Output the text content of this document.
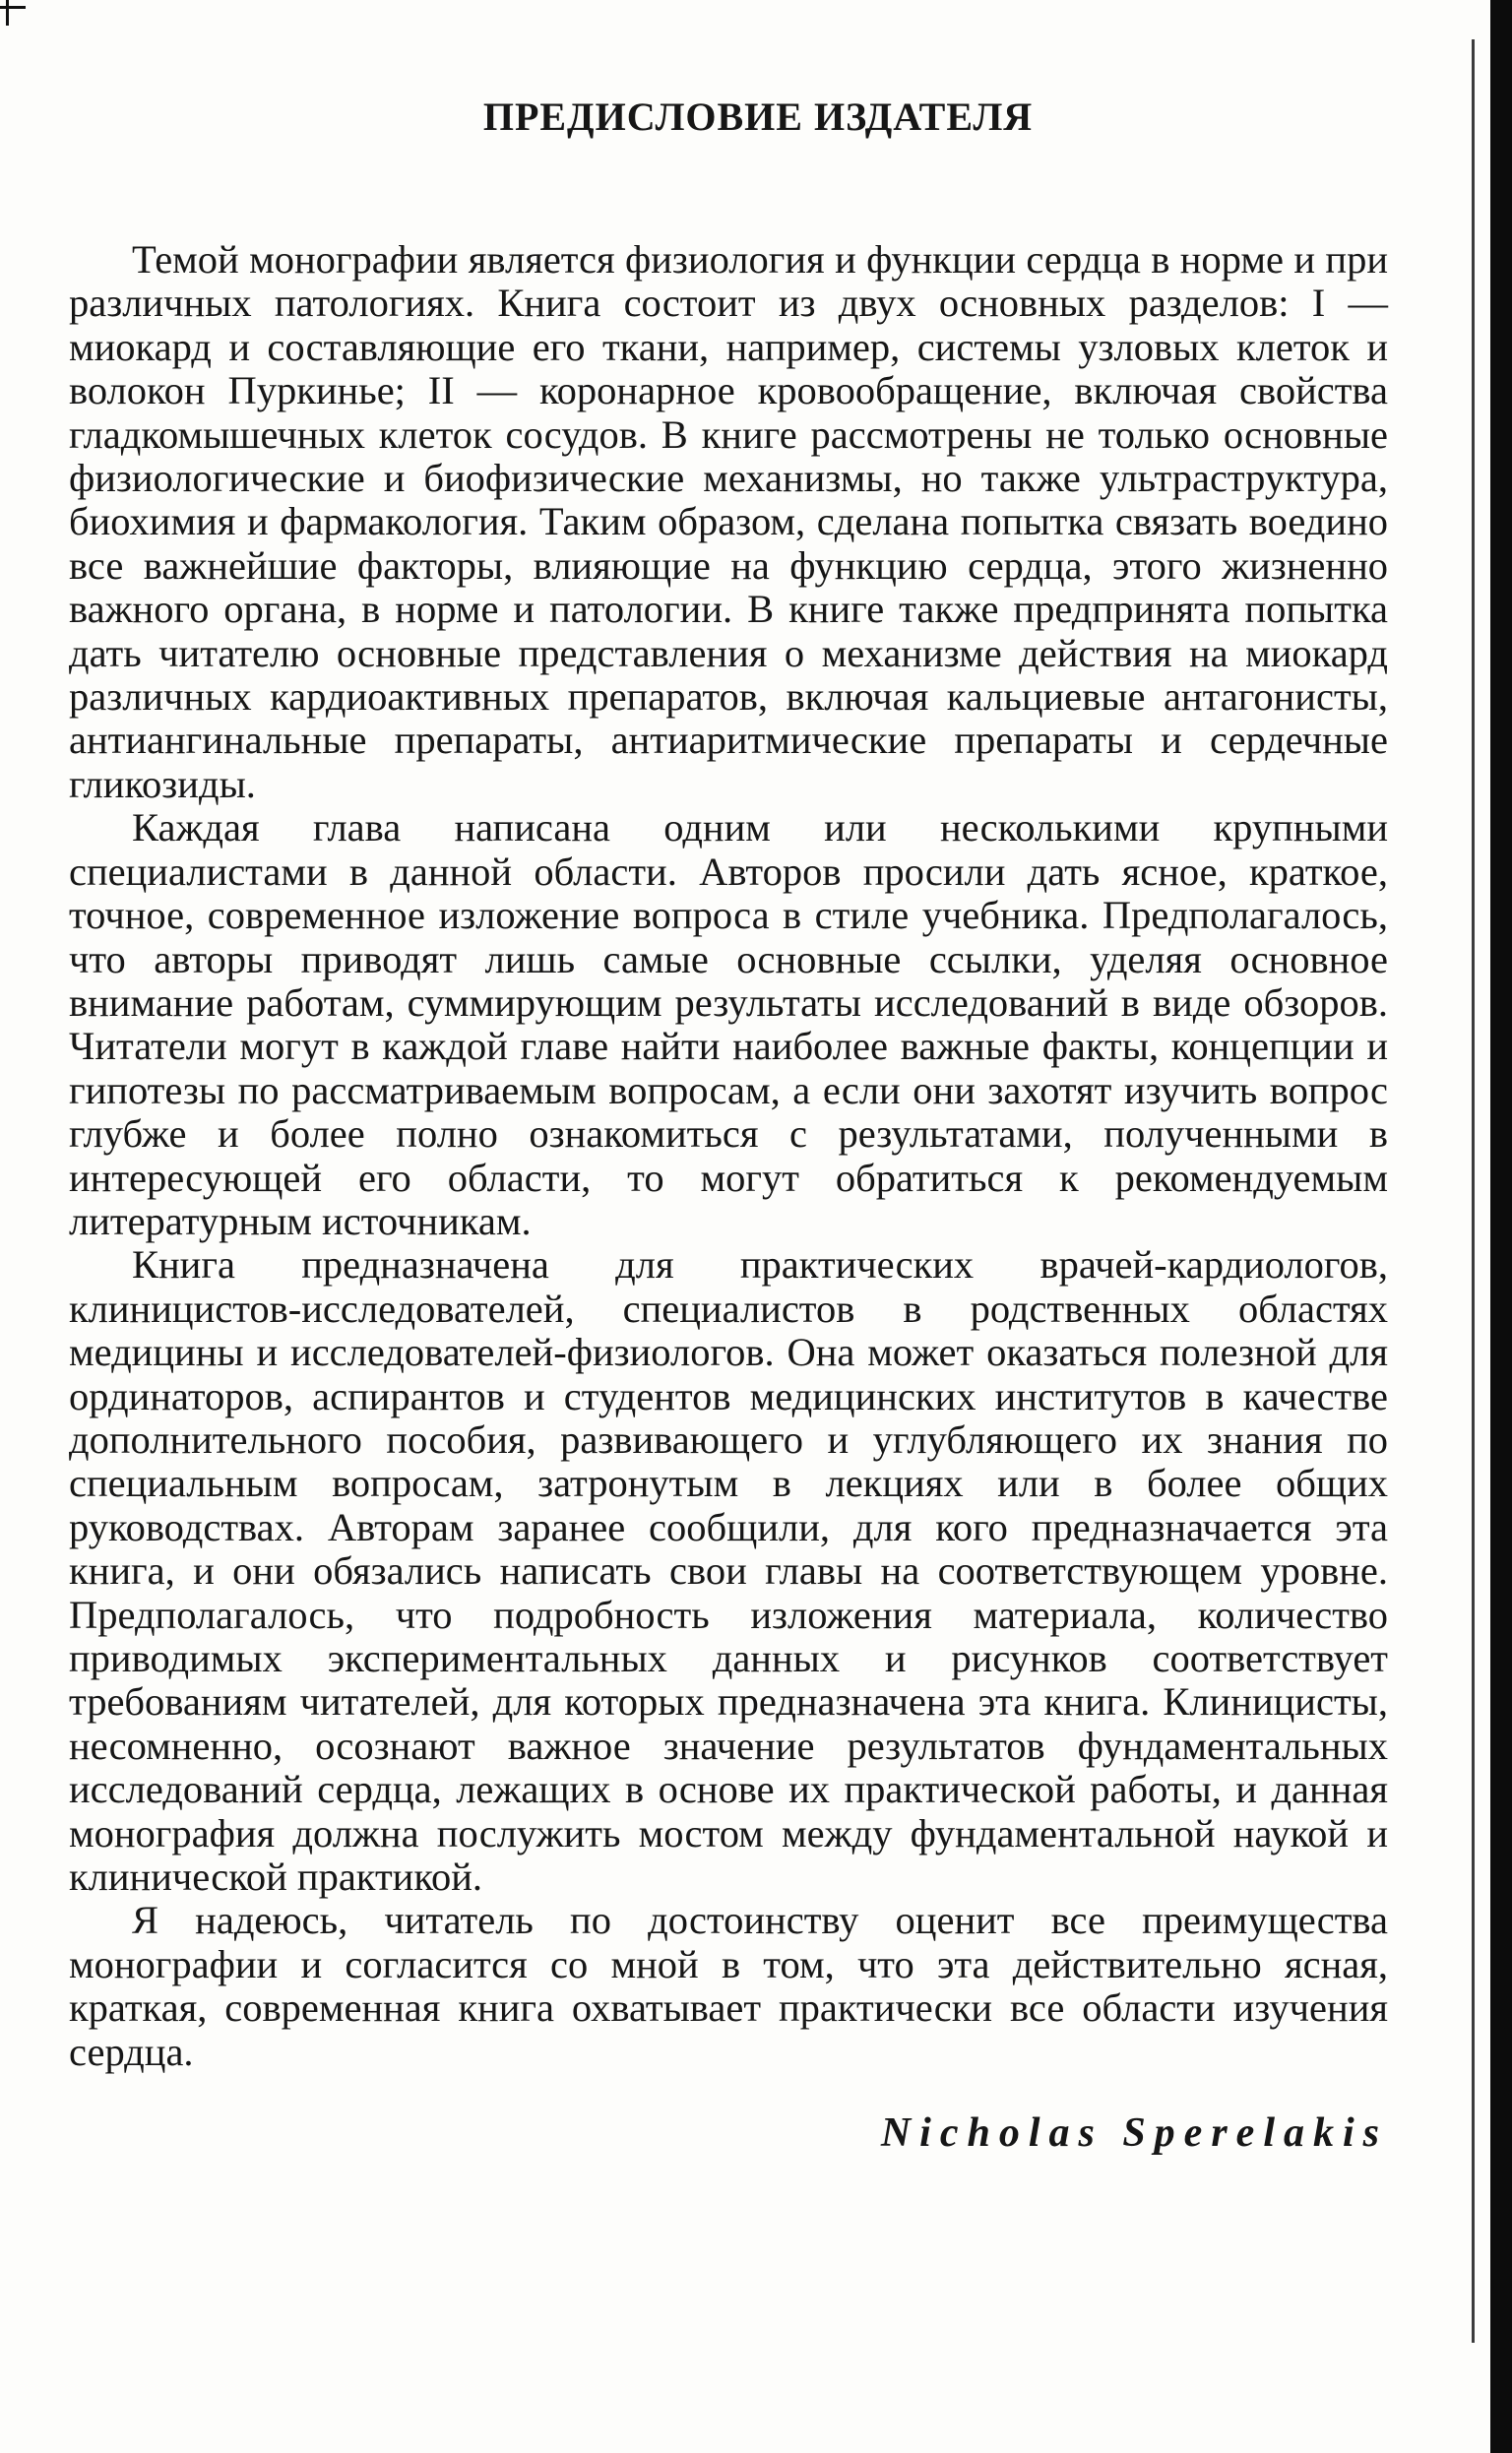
ПРЕДИСЛОВИЕ ИЗДАТЕЛЯ

Темой монографии является физиология и функции сердца в норме и при различных патологиях. Книга состоит из двух основных разделов: I — миокард и составляющие его ткани, например, системы узловых клеток и волокон Пуркинье; II — коронарное кровообращение, включая свойства гладкомышечных клеток сосудов. В книге рассмотрены не только основные физиологические и биофизические механизмы, но также ультраструктура, биохимия и фармакология. Таким образом, сделана попытка связать воедино все важнейшие факторы, влияющие на функцию сердца, этого жизненно важного органа, в норме и патологии. В книге также предпринята попытка дать читателю основные представления о механизме действия на миокард различных кардиоактивных препаратов, включая кальциевые антагонисты, антиангинальные препараты, антиаритмические препараты и сердечные гликозиды.

Каждая глава написана одним или несколькими крупными специалистами в данной области. Авторов просили дать ясное, краткое, точное, современное изложение вопроса в стиле учебника. Предполагалось, что авторы приводят лишь самые основные ссылки, уделяя основное внимание работам, суммирующим результаты исследований в виде обзоров. Читатели могут в каждой главе найти наиболее важные факты, концепции и гипотезы по рассматриваемым вопросам, а если они захотят изучить вопрос глубже и более полно ознакомиться с результатами, полученными в интересующей его области, то могут обратиться к рекомендуемым литературным источникам.

Книга предназначена для практических врачей-кардиологов, клиницистов-исследователей, специалистов в родственных областях медицины и исследователей-физиологов. Она может оказаться полезной для ординаторов, аспирантов и студентов медицинских институтов в качестве дополнительного пособия, развивающего и углубляющего их знания по специальным вопросам, затронутым в лекциях или в более общих руководствах. Авторам заранее сообщили, для кого предназначается эта книга, и они обязались написать свои главы на соответствующем уровне. Предполагалось, что подробность изложения материала, количество приводимых экспериментальных данных и рисунков соответствует требованиям читателей, для которых предназначена эта книга. Клиницисты, несомненно, осознают важное значение результатов фундаментальных исследований сердца, лежащих в основе их практической работы, и данная монография должна послужить мостом между фундаментальной наукой и клинической практикой.

Я надеюсь, читатель по достоинству оценит все преимущества монографии и согласится со мной в том, что эта действительно ясная, краткая, современная книга охватывает практически все области изучения сердца.

Nicholas Sperelakis
